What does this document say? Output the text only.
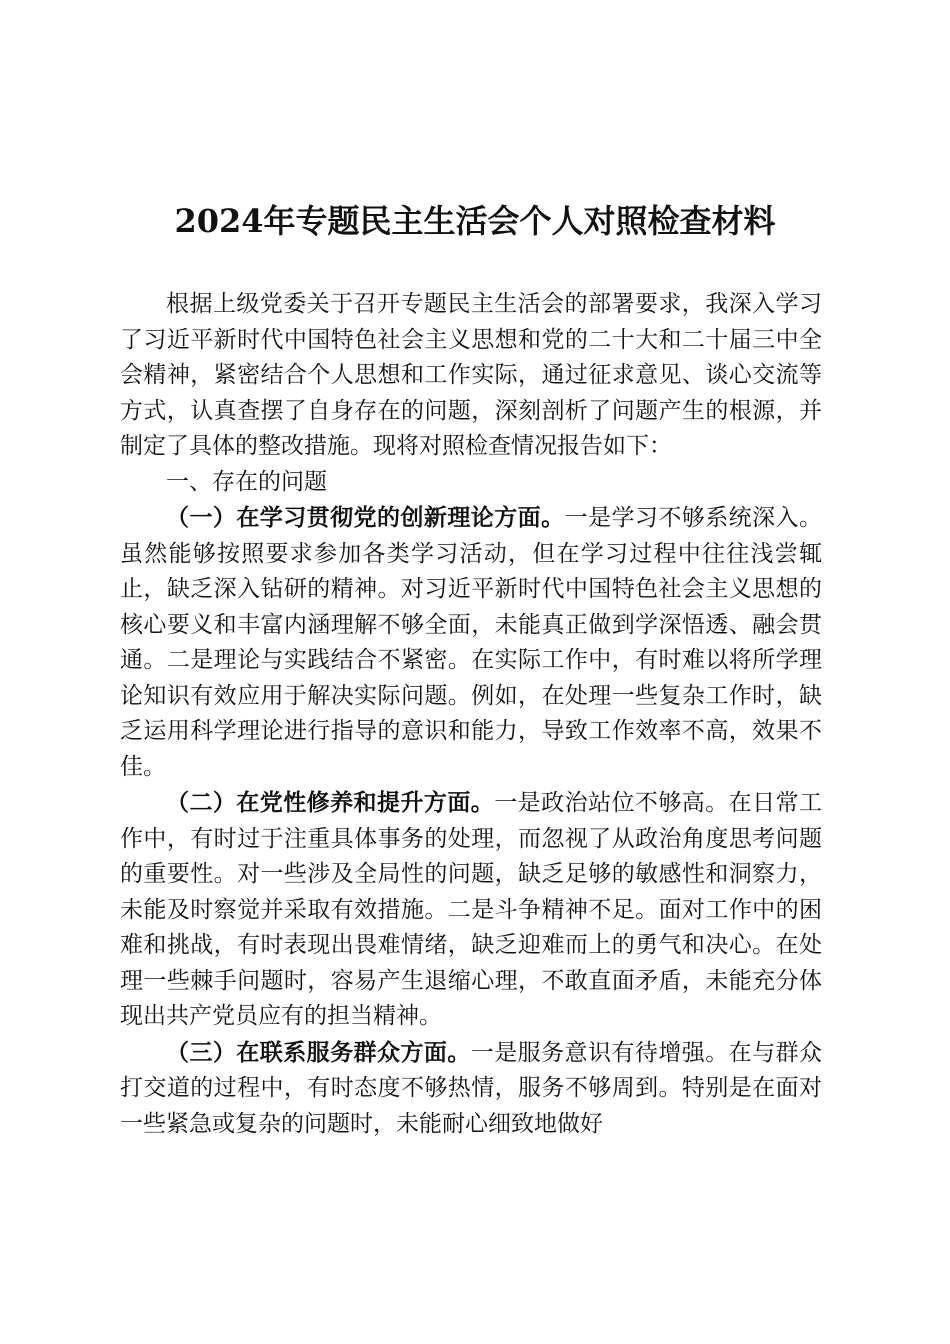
2024年专题民主生活会个人对照检查材料

根据上级党委关于召开专题民主生活会的部署要求，我深入学习了习近平新时代中国特色社会主义思想和党的二十大和二十届三中全会精神，紧密结合个人思想和工作实际，通过征求意见、谈心交流等方式，认真查摆了自身存在的问题，深刻剖析了问题产生的根源，并制定了具体的整改措施。现将对照检查情况报告如下：

一、存在的问题

（一）在学习贯彻党的创新理论方面。一是学习不够系统深入。虽然能够按照要求参加各类学习活动，但在学习过程中往往浅尝辄止，缺乏深入钻研的精神。对习近平新时代中国特色社会主义思想的核心要义和丰富内涵理解不够全面，未能真正做到学深悟透、融会贯通。二是理论与实践结合不紧密。在实际工作中，有时难以将所学理论知识有效应用于解决实际问题。例如，在处理一些复杂工作时，缺乏运用科学理论进行指导的意识和能力，导致工作效率不高，效果不佳。

（二）在党性修养和提升方面。一是政治站位不够高。在日常工作中，有时过于注重具体事务的处理，而忽视了从政治角度思考问题的重要性。对一些涉及全局性的问题，缺乏足够的敏感性和洞察力，未能及时察觉并采取有效措施。二是斗争精神不足。面对工作中的困难和挑战，有时表现出畏难情绪，缺乏迎难而上的勇气和决心。在处理一些棘手问题时，容易产生退缩心理，不敢直面矛盾，未能充分体现出共产党员应有的担当精神。

（三）在联系服务群众方面。一是服务意识有待增强。在与群众打交道的过程中，有时态度不够热情，服务不够周到。特别是在面对一些紧急或复杂的问题时，未能耐心细致地做好
